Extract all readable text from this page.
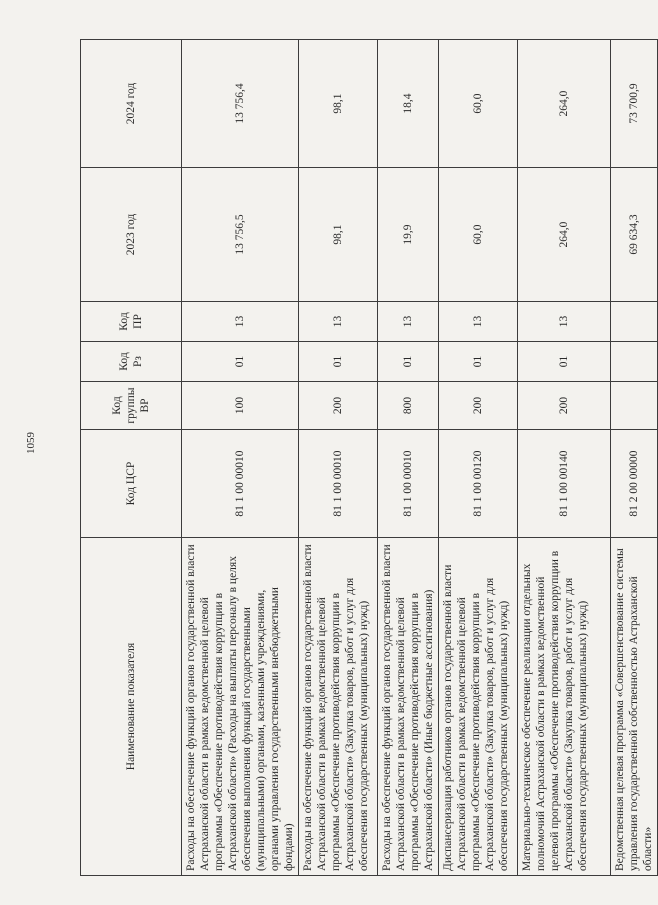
1059
Наименование показателя	Код ЦСР	Код группы ВР	Код Рз	Код ПР	2023 год	2024 год
Расходы на обеспечение функций органов государственной власти Астраханской области в рамках ведомственной целевой программы «Обеспечение противодействия коррупции в Астраханской области» (Расходы на выплаты персоналу в целях обеспечения выполнения функций государственными (муниципальными) органами, казенными учреждениями, органами управления государственными внебюджетными фондами)	81 1 00 00010	100	01	13	13 756,5	13 756,4
Расходы на обеспечение функций органов государственной власти Астраханской области в рамках ведомственной целевой программы «Обеспечение противодействия коррупции в Астраханской области» (Закупка товаров, работ и услуг для обеспечения государственных (муниципальных) нужд)	81 1 00 00010	200	01	13	98,1	98,1
Расходы на обеспечение функций органов государственной власти Астраханской области в рамках ведомственной целевой программы «Обеспечение противодействия коррупции в Астраханской области» (Иные бюджетные ассигнования)	81 1 00 00010	800	01	13	19,9	18,4
Диспансеризация работников органов государственной власти Астраханской области в рамках ведомственной целевой программы «Обеспечение противодействия коррупции в Астраханской области» (Закупка товаров, работ и услуг для обеспечения государственных (муниципальных) нужд)	81 1 00 00120	200	01	13	60,0	60,0
Материально-техническое обеспечение реализации отдельных полномочий Астраханской области в рамках ведомственной целевой программы «Обеспечение противодействия коррупции в Астраханской области» (Закупка товаров, работ и услуг для обеспечения государственных (муниципальных) нужд)	81 1 00 00140	200	01	13	264,0	264,0
Ведомственная целевая программа «Совершенствование системы управления государственной собственностью Астраханской области»	81 2 00 00000				69 634,3	73 700,9
